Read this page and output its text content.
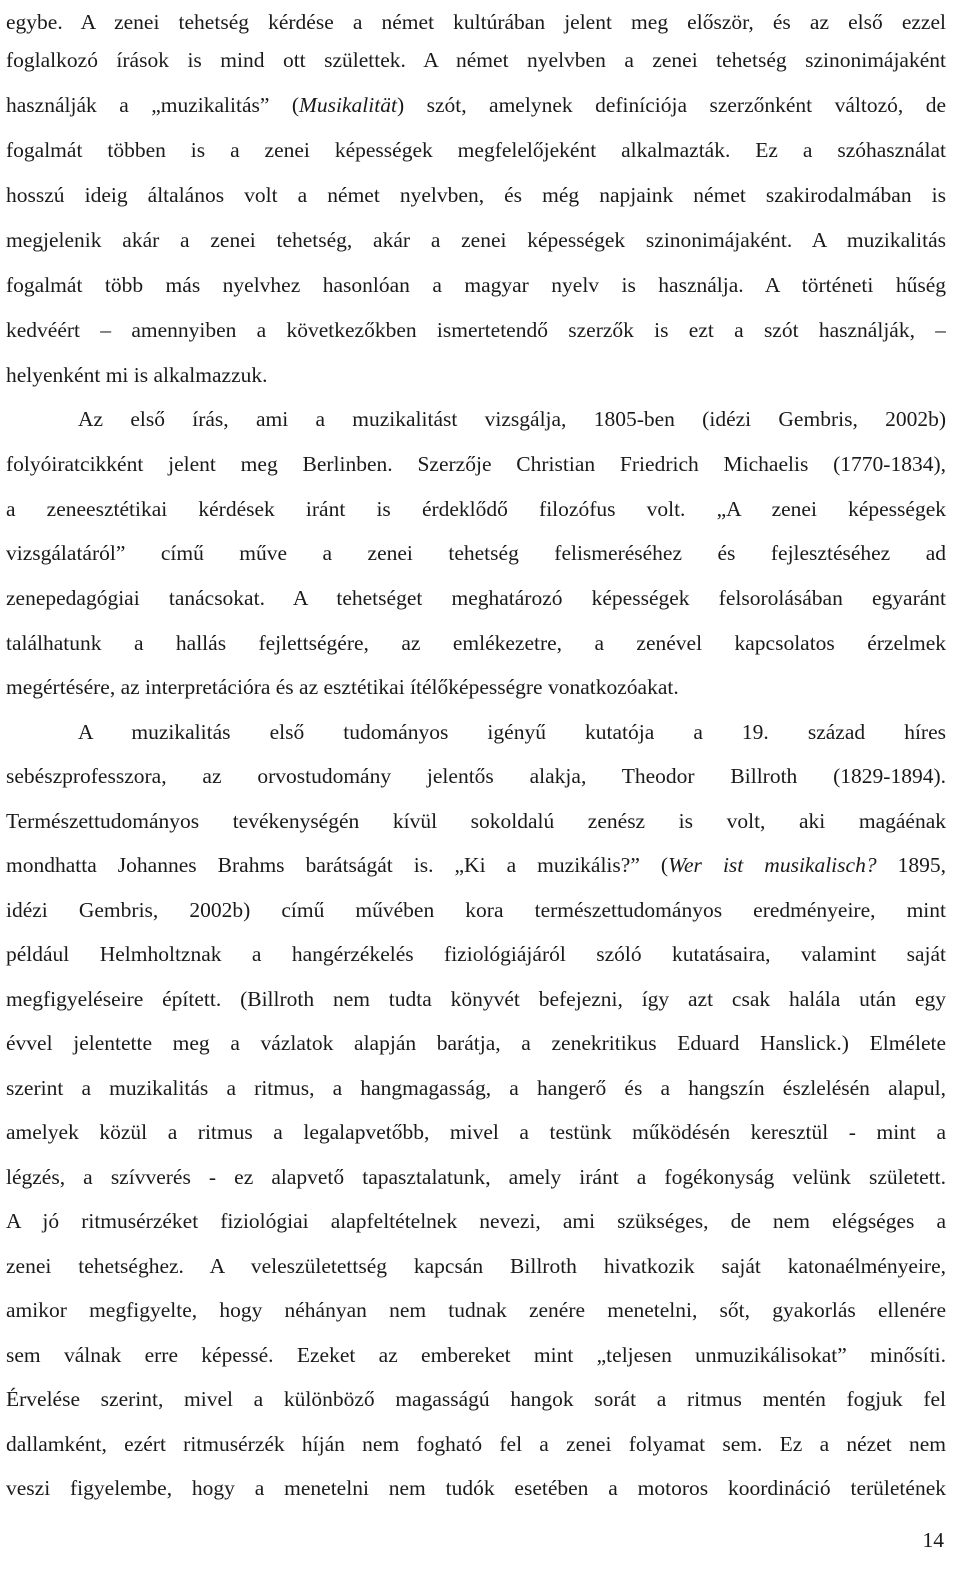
egybe. A zenei tehetség kérdése a német kultúrában jelent meg először, és az első ezzel
foglalkozó írások is mind ott születtek. A német nyelvben a zenei tehetség szinonimájaként
használják a „muzikalitás” (Musikalität) szót, amelynek definíciója szerzőnként változó, de
fogalmát többen is a zenei képességek megfelelőjeként alkalmazták. Ez a szóhasználat
hosszú ideig általános volt a német nyelvben, és még napjaink német szakirodalmában is
megjelenik akár a zenei tehetség, akár a zenei képességek szinonimájaként. A muzikalitás
fogalmát több más nyelvhez hasonlóan a magyar nyelv is használja. A történeti hűség
kedvéért – amennyiben a következőkben ismertetendő szerzők is ezt a szót használják, –
helyenként mi is alkalmazzuk.
Az első írás, ami a muzikalitást vizsgálja, 1805-ben (idézi Gembris, 2002b)
folyóiratcikként jelent meg Berlinben. Szerzője Christian Friedrich Michaelis (1770-1834),
a zeneesztétikai kérdések iránt is érdeklődő filozófus volt. „A zenei képességek
vizsgálatáról” című műve a zenei tehetség felismeréséhez és fejlesztéséhez ad
zenepedagógiai tanácsokat. A tehetséget meghatározó képességek felsorolásában egyaránt
találhatunk a hallás fejlettségére, az emlékezetre, a zenével kapcsolatos érzelmek
megértésére, az interpretációra és az esztétikai ítélőképességre vonatkozóakat.
A muzikalitás első tudományos igényű kutatója a 19. század híres
sebészprofesszora, az orvostudomány jelentős alakja, Theodor Billroth (1829-1894).
Természettudományos tevékenységén kívül sokoldalú zenész is volt, aki magáénak
mondhatta Johannes Brahms barátságát is. „Ki a muzikális?” (Wer ist musikalisch? 1895,
idézi Gembris, 2002b) című művében kora természettudományos eredményeire, mint
például Helmholtznak a hangérzékelés fiziológiájáról szóló kutatásaira, valamint saját
megfigyeléseire épített. (Billroth nem tudta könyvét befejezni, így azt csak halála után egy
évvel jelentette meg a vázlatok alapján barátja, a zenekritikus Eduard Hanslick.) Elmélete
szerint a muzikalitás a ritmus, a hangmagasság, a hangerő és a hangszín észlelésén alapul,
amelyek közül a ritmus a legalapvetőbb, mivel a testünk működésén keresztül - mint a
légzés, a szívverés - ez alapvető tapasztalatunk, amely iránt a fogékonyság velünk született.
A jó ritmusérzéket fiziológiai alapfeltételnek nevezi, ami szükséges, de nem elégséges a
zenei tehetséghez. A veleszületettség kapcsán Billroth hivatkozik saját katonaélményeire,
amikor megfigyelte, hogy néhányan nem tudnak zenére menetelni, sőt, gyakorlás ellenére
sem válnak erre képessé. Ezeket az embereket mint „teljesen unmuzikálisokat” minősíti.
Érvelése szerint, mivel a különböző magasságú hangok sorát a ritmus mentén fogjuk fel
dallamként, ezért ritmusérzék híján nem fogható fel a zenei folyamat sem. Ez a nézet nem
veszi figyelembe, hogy a menetelni nem tudók esetében a motoros koordináció területének
14
